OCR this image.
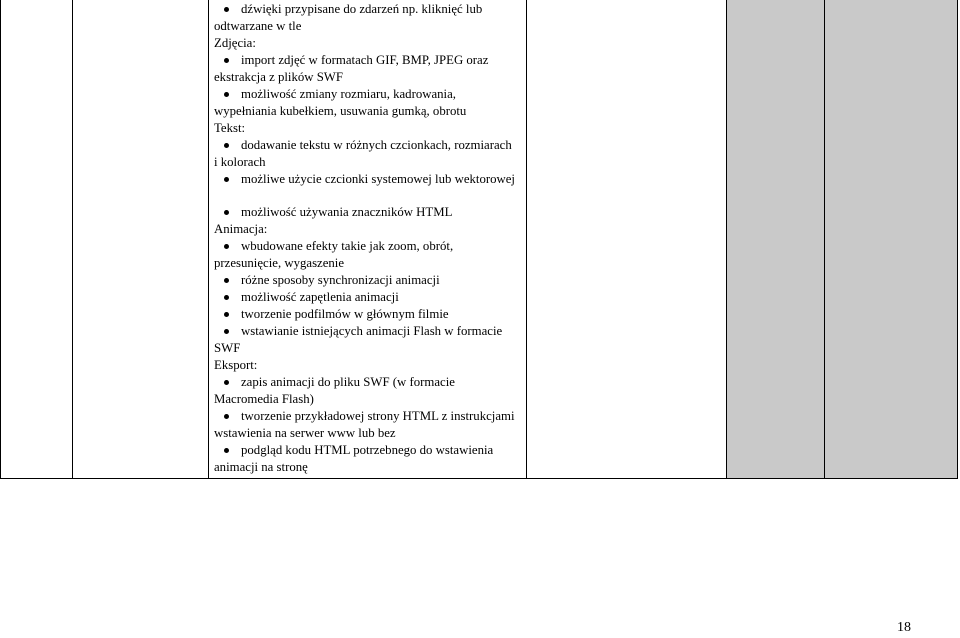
dźwięki przypisane do zdarzeń np. kliknięć lub
odtwarzane w tle
Zdjęcia:
import zdjęć w formatach GIF, BMP, JPEG oraz
ekstrakcja z plików SWF
możliwość zmiany rozmiaru, kadrowania,
wypełniania kubełkiem, usuwania gumką, obrotu
Tekst:
dodawanie tekstu w różnych czcionkach, rozmiarach
i kolorach
możliwe użycie czcionki systemowej lub wektorowej
możliwość używania znaczników HTML
Animacja:
wbudowane efekty takie jak zoom, obrót,
przesunięcie, wygaszenie
różne sposoby synchronizacji animacji
możliwość zapętlenia animacji
tworzenie podfilmów w głównym filmie
wstawianie istniejących animacji Flash w formacie
SWF
Eksport:
zapis animacji do pliku SWF (w formacie
Macromedia Flash)
tworzenie przykładowej strony HTML z instrukcjami
wstawienia na serwer www lub bez
podgląd kodu HTML potrzebnego do wstawienia
animacji na stronę
18
